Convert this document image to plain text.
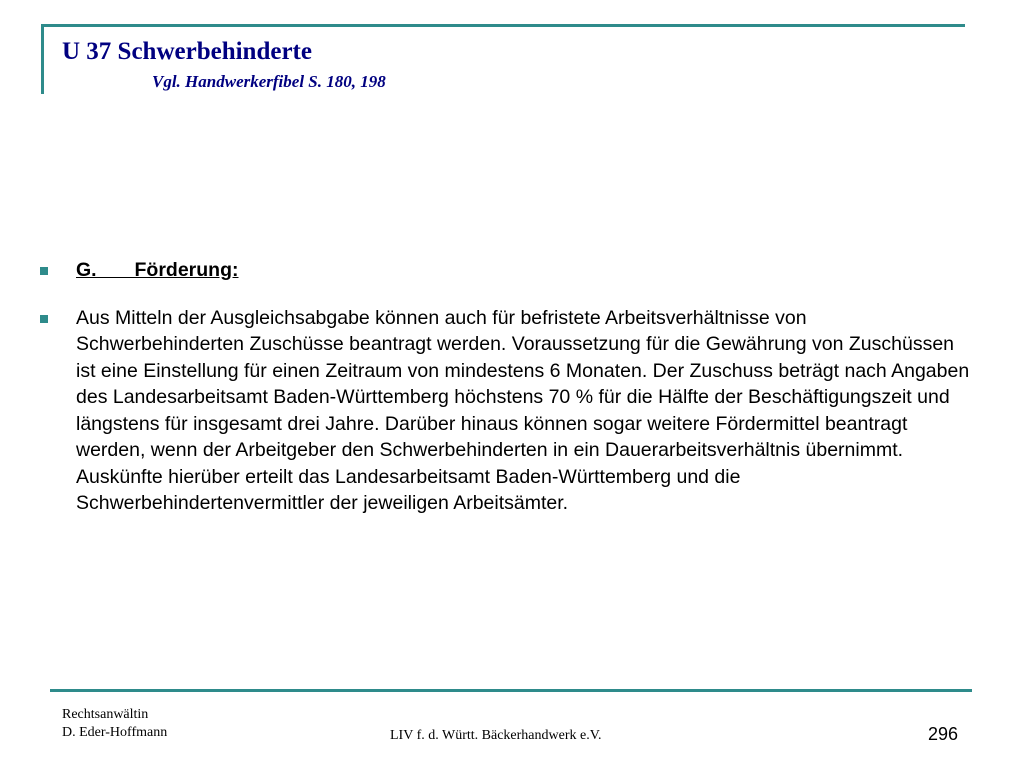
U 37 Schwerbehinderte
Vgl. Handwerkerfibel S. 180, 198
G.       Förderung:
Aus Mitteln der Ausgleichsabgabe können auch für befristete Arbeitsverhältnisse von Schwerbehinderten Zuschüsse beantragt werden. Voraussetzung für die Gewährung von Zuschüssen ist eine Einstellung für einen Zeitraum von mindestens 6 Monaten. Der Zuschuss beträgt nach Angaben des Landesarbeitsamt Baden-Württemberg höchstens 70 % für die Hälfte der Beschäftigungszeit und längstens für insgesamt drei Jahre. Darüber hinaus können sogar weitere Fördermittel beantragt werden, wenn der Arbeitgeber den Schwerbehinderten in ein Dauerarbeitsverhältnis übernimmt. Auskünfte hierüber erteilt das Landesarbeitsamt Baden-Württemberg und die Schwerbehindertenvermittler der jeweiligen Arbeitsämter.
Rechtsanwältin
D. Eder-Hoffmann	LIV f. d. Württ. Bäckerhandwerk e.V.	296
